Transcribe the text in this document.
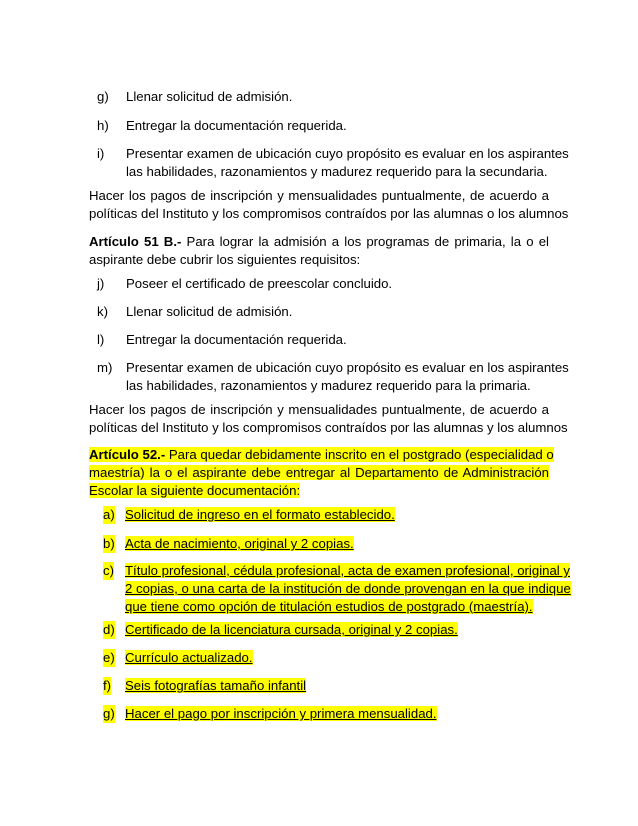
g) Llenar solicitud de admisión.
h) Entregar la documentación requerida.
i) Presentar examen de ubicación cuyo propósito es evaluar en los aspirantes
las habilidades, razonamientos y madurez requerido para la secundaria.
Hacer los pagos de inscripción y mensualidades puntualmente, de acuerdo a
políticas del Instituto y los compromisos contraídos por las alumnas o los alumnos
Artículo 51 B.- Para lograr la admisión a los programas de primaria, la o el
aspirante debe cubrir los siguientes requisitos:
j) Poseer el certificado de preescolar concluido.
k) Llenar solicitud de admisión.
l) Entregar la documentación requerida.
m) Presentar examen de ubicación cuyo propósito es evaluar en los aspirantes
las habilidades, razonamientos y madurez requerido para la primaria.
Hacer los pagos de inscripción y mensualidades puntualmente, de acuerdo a
políticas del Instituto y los compromisos contraídos por las alumnas y los alumnos
Artículo 52.- Para quedar debidamente inscrito en el postgrado (especialidad o
maestría) la o el aspirante debe entregar al Departamento de Administración
Escolar la siguiente documentación:
a) Solicitud de ingreso en el formato establecido.
b) Acta de nacimiento, original y 2 copias.
c) Título profesional, cédula profesional, acta de examen profesional, original y
2 copias, o una carta de la institución de donde provengan en la que indique
que tiene como opción de titulación estudios de postgrado (maestría).
d) Certificado de la licenciatura cursada, original y 2 copias.
e) Currículo actualizado.
f) Seis fotografías tamaño infantil
g) Hacer el pago por inscripción y primera mensualidad.
